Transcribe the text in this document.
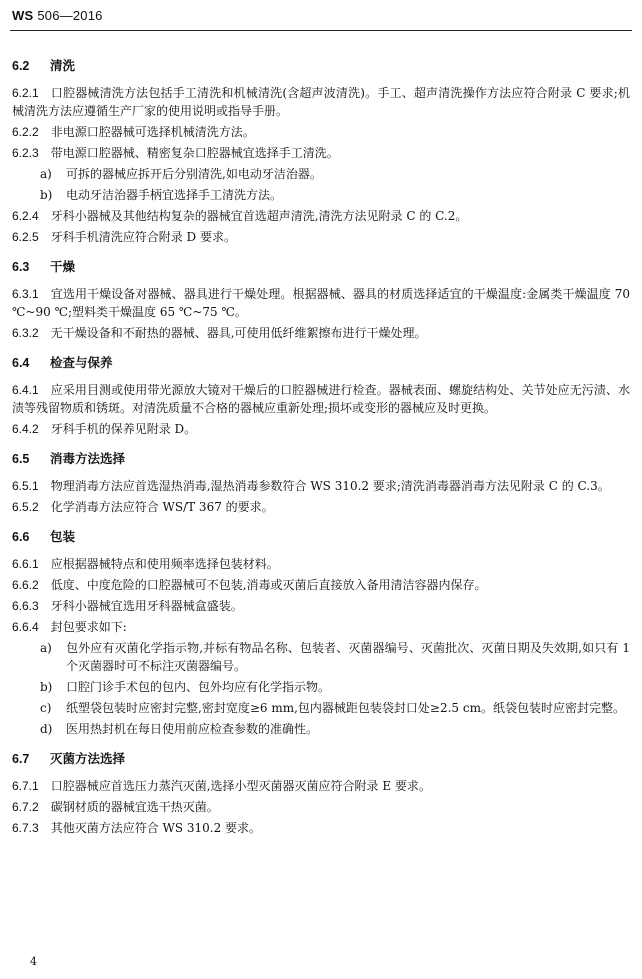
WS 506—2016
6.2 清洗
6.2.1 口腔器械清洗方法包括手工清洗和机械清洗(含超声波清洗)。手工、超声清洗操作方法应符合附录 C 要求;机械清洗方法应遵循生产厂家的使用说明或指导手册。
6.2.2 非电源口腔器械可选择机械清洗方法。
6.2.3 带电源口腔器械、精密复杂口腔器械宜选择手工清洗。
a) 可拆的器械应拆开后分别清洗,如电动牙洁治器。
b) 电动牙洁治器手柄宜选择手工清洗方法。
6.2.4 牙科小器械及其他结构复杂的器械宜首选超声清洗,清洗方法见附录 C 的 C.2。
6.2.5 牙科手机清洗应符合附录 D 要求。
6.3 干燥
6.3.1 宜选用干燥设备对器械、器具进行干燥处理。根据器械、器具的材质选择适宜的干燥温度:金属类干燥温度 70 ℃~90 ℃;塑料类干燥温度 65 ℃~75 ℃。
6.3.2 无干燥设备和不耐热的器械、器具,可使用低纤维絮擦布进行干燥处理。
6.4 检查与保养
6.4.1 应采用目测或使用带光源放大镜对干燥后的口腔器械进行检查。器械表面、螺旋结构处、关节处应无污渍、水渍等残留物质和锈斑。对清洗质量不合格的器械应重新处理;损坏或变形的器械应及时更换。
6.4.2 牙科手机的保养见附录 D。
6.5 消毒方法选择
6.5.1 物理消毒方法应首选湿热消毒,湿热消毒参数符合 WS 310.2 要求;清洗消毒器消毒方法见附录 C 的 C.3。
6.5.2 化学消毒方法应符合 WS/T 367 的要求。
6.6 包装
6.6.1 应根据器械特点和使用频率选择包装材料。
6.6.2 低度、中度危险的口腔器械可不包装,消毒或灭菌后直接放入备用清洁容器内保存。
6.6.3 牙科小器械宜选用牙科器械盒盛装。
6.6.4 封包要求如下:
a) 包外应有灭菌化学指示物,并标有物品名称、包装者、灭菌器编号、灭菌批次、灭菌日期及失效期,如只有 1 个灭菌器时可不标注灭菌器编号。
b) 口腔门诊手术包的包内、包外均应有化学指示物。
c) 纸塑袋包装时应密封完整,密封宽度≥6 mm,包内器械距包装袋封口处≥2.5 cm。纸袋包装时应密封完整。
d) 医用热封机在每日使用前应检查参数的准确性。
6.7 灭菌方法选择
6.7.1 口腔器械应首选压力蒸汽灭菌,选择小型灭菌器灭菌应符合附录 E 要求。
6.7.2 碳钢材质的器械宜选干热灭菌。
6.7.3 其他灭菌方法应符合 WS 310.2 要求。
4
